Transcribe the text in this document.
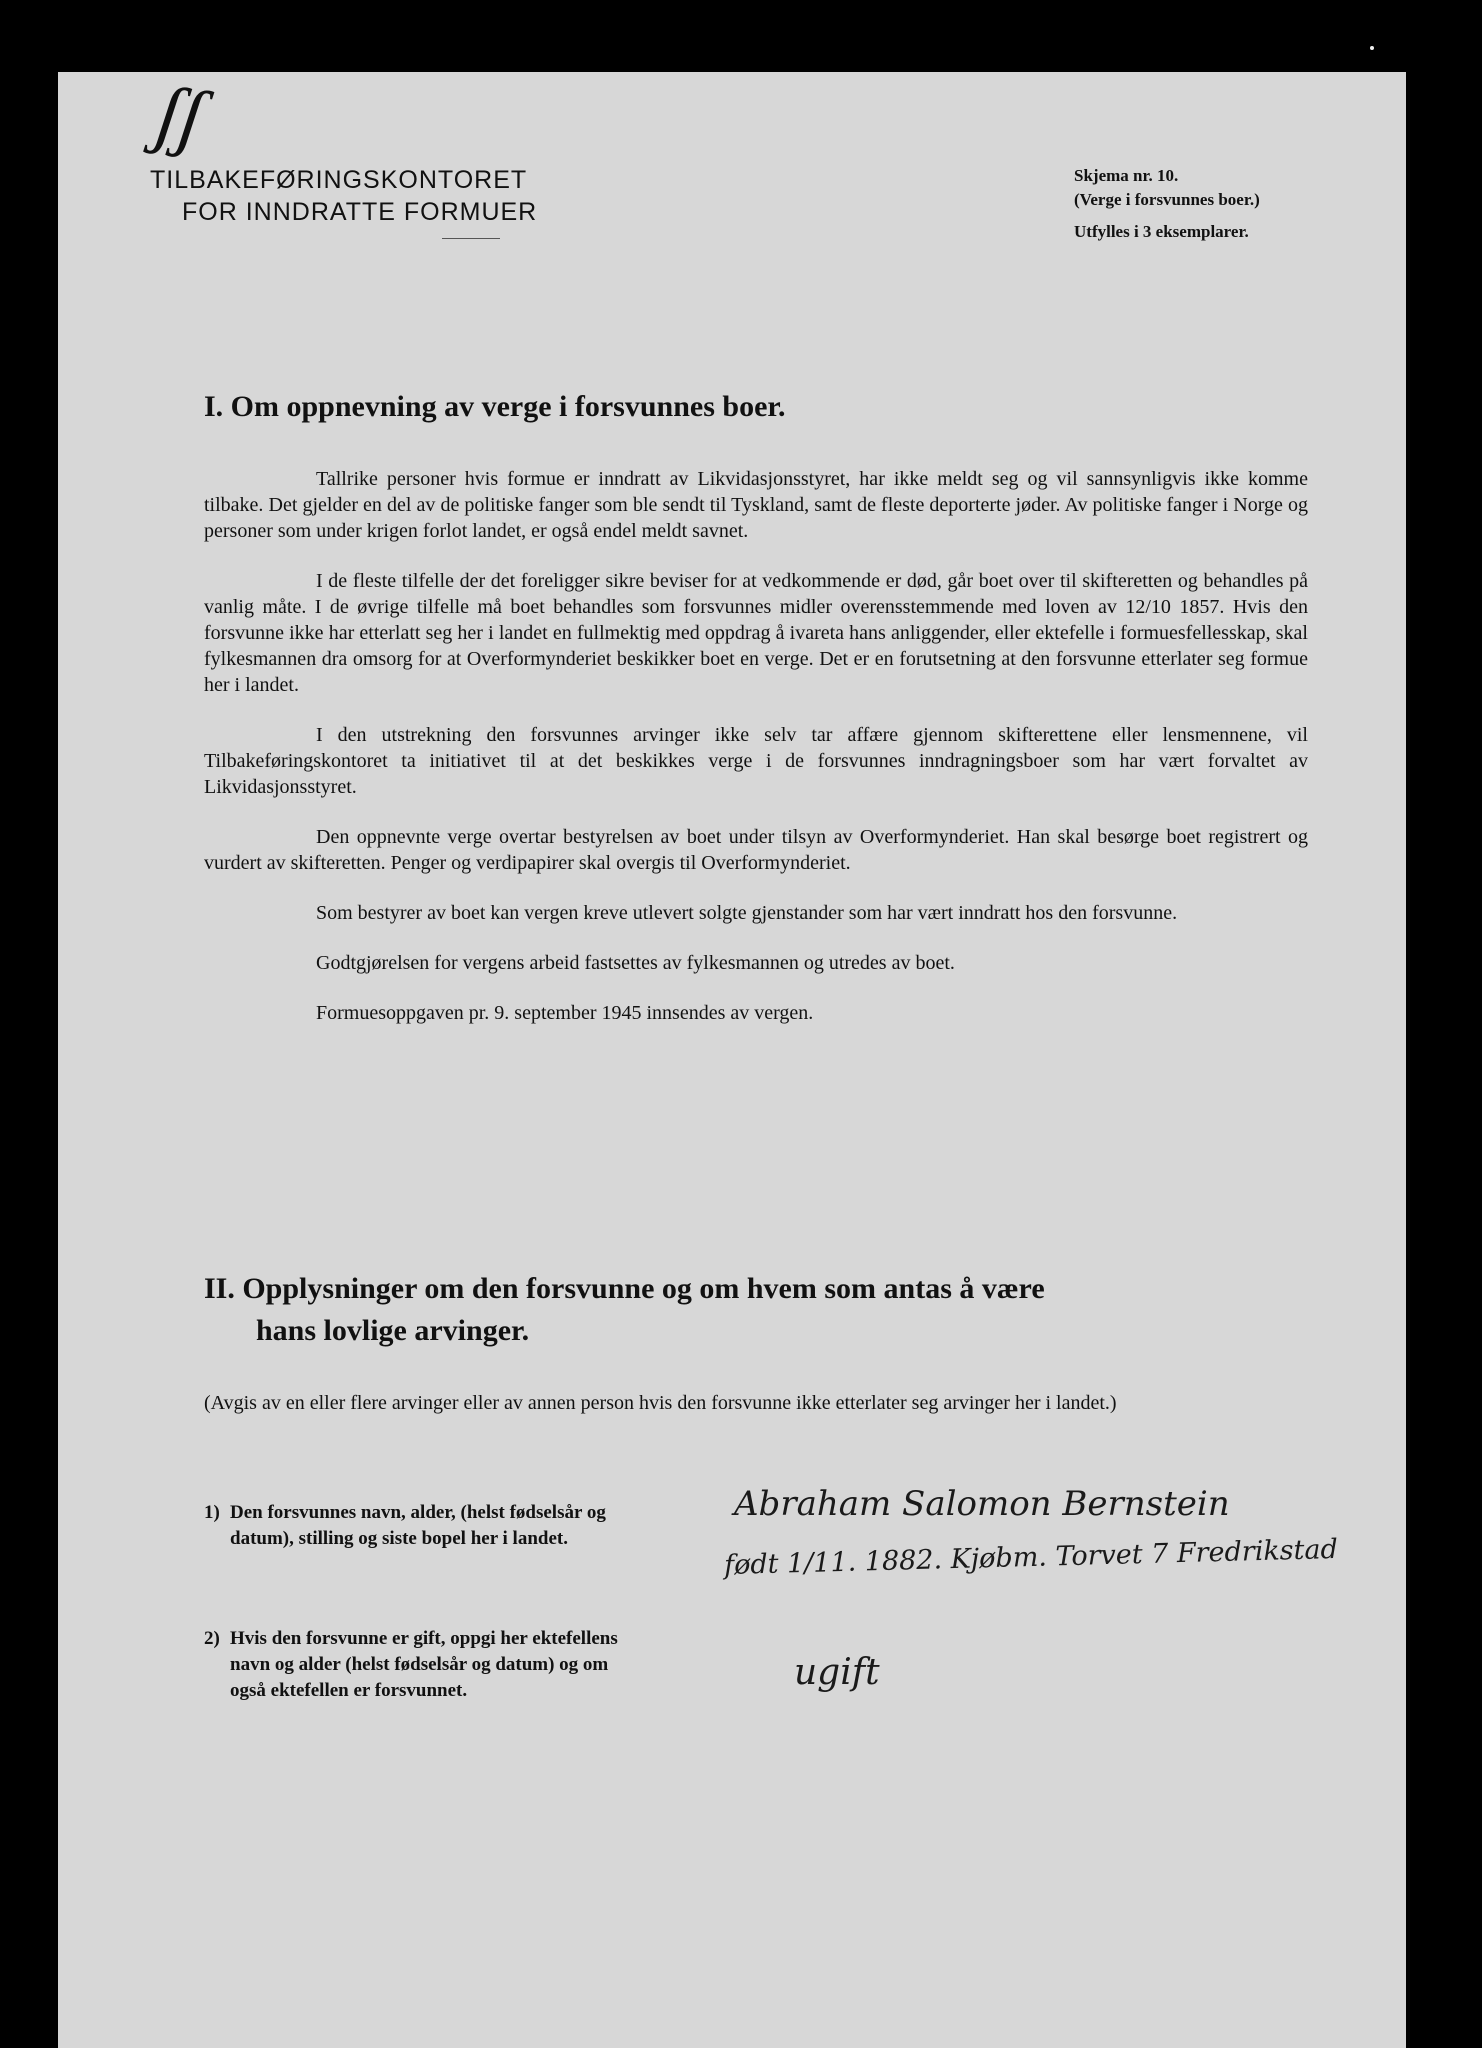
ʃʃ
TILBAKEFØRINGSKONTORET
FOR INNDRATTE FORMUER
Skjema nr. 10.
(Verge i forsvunnes boer.)
Utfylles i 3 eksemplarer.
I. Om oppnevning av verge i forsvunnes boer.

Tallrike personer hvis formue er inndratt av Likvidasjonsstyret, har ikke meldt seg og vil sannsynligvis ikke komme tilbake. Det gjelder en del av de politiske fanger som ble sendt til Tyskland, samt de fleste deporterte jøder. Av politiske fanger i Norge og personer som under krigen forlot landet, er også endel meldt savnet.

I de fleste tilfelle der det foreligger sikre beviser for at vedkommende er død, går boet over til skifteretten og behandles på vanlig måte. I de øvrige tilfelle må boet behandles som forsvunnes midler overensstemmende med loven av 12/10 1857. Hvis den forsvunne ikke har etterlatt seg her i landet en fullmektig med oppdrag å ivareta hans anliggender, eller ektefelle i formuesfellesskap, skal fylkesmannen dra omsorg for at Overformynderiet beskikker boet en verge. Det er en forutsetning at den forsvunne etterlater seg formue her i landet.

I den utstrekning den forsvunnes arvinger ikke selv tar affære gjennom skifterettene eller lensmennene, vil Tilbakeføringskontoret ta initiativet til at det beskikkes verge i de forsvunnes inndragningsboer som har vært forvaltet av Likvidasjonsstyret.

Den oppnevnte verge overtar bestyrelsen av boet under tilsyn av Overformynderiet. Han skal besørge boet registrert og vurdert av skifteretten. Penger og verdipapirer skal overgis til Overformynderiet.

Som bestyrer av boet kan vergen kreve utlevert solgte gjenstander som har vært inndratt hos den forsvunne.

Godtgjørelsen for vergens arbeid fastsettes av fylkesmannen og utredes av boet.

Formuesoppgaven pr. 9. september 1945 innsendes av vergen.

II. Opplysninger om den forsvunne og om hvem som antas å være
hans lovlige arvinger.
(Avgis av en eller flere arvinger eller av annen person hvis den forsvunne ikke etterlater seg arvinger her i landet.)
1) Den forsvunnes navn, alder, (helst fødselsår og datum), stilling og siste bopel her i landet.
Abraham Salomon Bernstein
født 1/11. 1882. Kjøbm. Torvet 7 Fredrikstad
2) Hvis den forsvunne er gift, oppgi her ektefellens navn og alder (helst fødselsår og datum) og om også ektefellen er forsvunnet.	ugift
